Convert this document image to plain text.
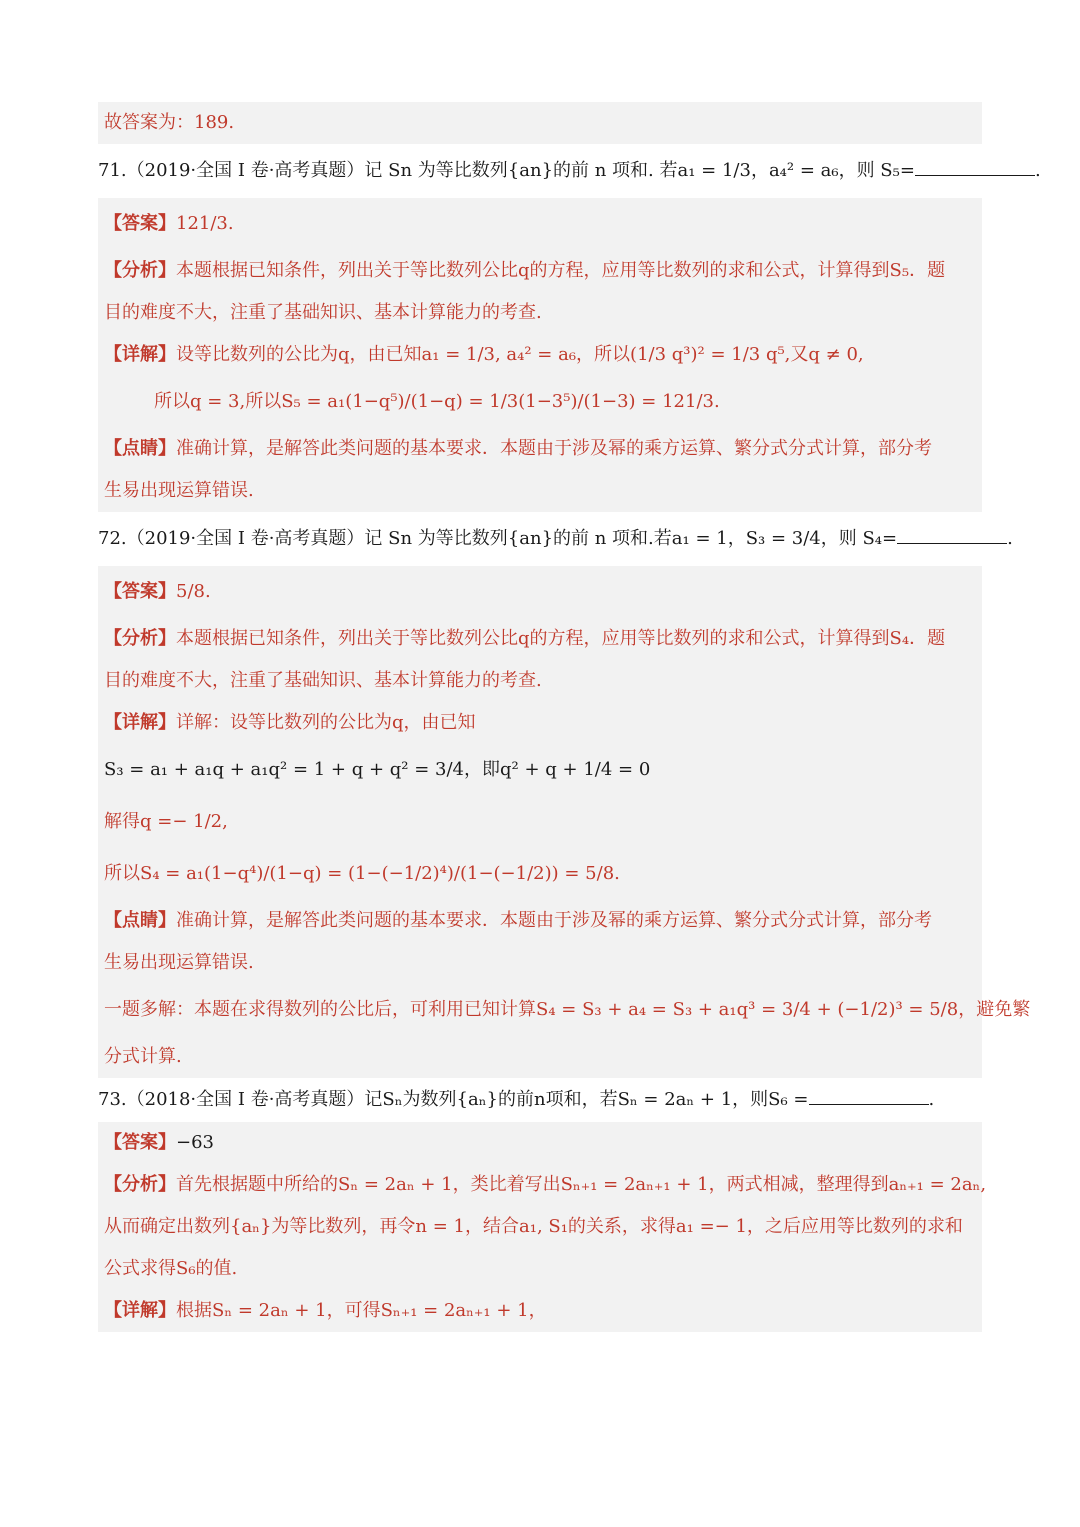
故答案为：189.
71.（2019·全国 I 卷·高考真题）记 Sn 为等比数列{an}的前 n 项和. 若a₁ = 1/3，a₄² = a₆，则 S₅=	.
【答案】121/3.
【分析】本题根据已知条件，列出关于等比数列公比q的方程，应用等比数列的求和公式，计算得到S₅．题
目的难度不大，注重了基础知识、基本计算能力的考查.
【详解】设等比数列的公比为q，由已知a₁ = 1/3, a₄² = a₆，所以(1/3 q³)² = 1/3 q⁵,又q ≠ 0,
所以q = 3,所以S₅ = a₁(1−q⁵)/(1−q) = 1/3(1−3⁵)/(1−3) = 121/3.
【点睛】准确计算，是解答此类问题的基本要求．本题由于涉及幂的乘方运算、繁分式分式计算，部分考
生易出现运算错误.
72.（2019·全国 I 卷·高考真题）记 Sn 为等比数列{an}的前 n 项和.若a₁ = 1，S₃ = 3/4，则 S₄=	.
【答案】5/8.
【分析】本题根据已知条件，列出关于等比数列公比q的方程，应用等比数列的求和公式，计算得到S₄．题
目的难度不大，注重了基础知识、基本计算能力的考查.
【详解】详解：设等比数列的公比为q，由已知
S₃ = a₁ + a₁q + a₁q² = 1 + q + q² = 3/4，即q² + q + 1/4 = 0
解得q =− 1/2,
所以S₄ = a₁(1−q⁴)/(1−q) = (1−(−1/2)⁴)/(1−(−1/2)) = 5/8.
【点睛】准确计算，是解答此类问题的基本要求．本题由于涉及幂的乘方运算、繁分式分式计算，部分考
生易出现运算错误.
一题多解：本题在求得数列的公比后，可利用已知计算S₄ = S₃ + a₄ = S₃ + a₁q³ = 3/4 + (−1/2)³ = 5/8，避免繁
分式计算.
73.（2018·全国 I 卷·高考真题）记Sₙ为数列{aₙ}的前n项和，若Sₙ = 2aₙ + 1，则S₆ =	.
【答案】−63
【分析】首先根据题中所给的Sₙ = 2aₙ + 1，类比着写出Sₙ₊₁ = 2aₙ₊₁ + 1，两式相减，整理得到aₙ₊₁ = 2aₙ,
从而确定出数列{aₙ}为等比数列，再令n = 1，结合a₁, S₁的关系，求得a₁ =− 1，之后应用等比数列的求和
公式求得S₆的值.
【详解】根据Sₙ = 2aₙ + 1，可得Sₙ₊₁ = 2aₙ₊₁ + 1，
